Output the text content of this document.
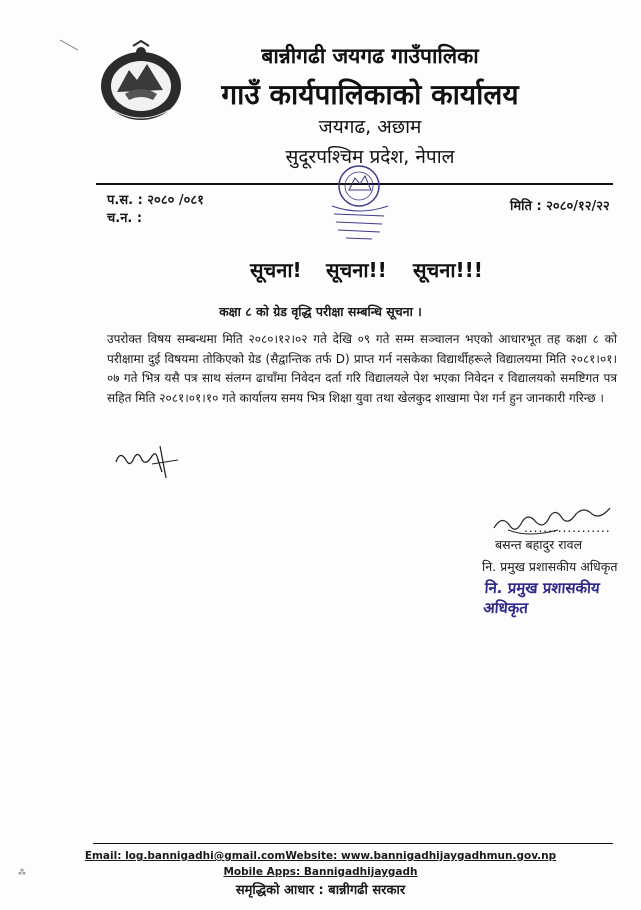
बान्नीगढी जयगढ गाउँपालिका
गाउँ कार्यपालिकाको कार्यालय
जयगढ, अछाम
सुदूरपश्चिम प्रदेश, नेपाल
प.स. : २०८० /०८१
च.न. :
मिति : २०८०/१२/२२
सूचना! सूचना!! सूचना!!!
कक्षा ८ को ग्रेड वृद्धि परीक्षा सम्बन्धि सूचना ।
उपरोक्त विषय सम्बन्धमा मिति २०८०।१२।०२ गते देखि ०९ गते सम्म सञ्चालन भएको आधारभूत तह कक्षा ८ को परीक्षामा दुई विषयमा तोकिएको ग्रेड (सैद्वान्तिक तर्फ D) प्राप्त गर्न नसकेका विद्यार्थीहरूले विद्यालयमा मिति २०८१।०१।०७ गते भित्र यसै पत्र साथ संलग्न ढाचाँमा निवेदन दर्ता गरि विद्यालयले पेश भएका निवेदन र विद्यालयको समष्टिगत पत्र सहित मिति २०८१।०१।१० गते कार्यालय समय भित्र शिक्षा युवा तथा खेलकुद शाखामा पेश गर्न हुन जानकारी गरिन्छ ।
..................
बसन्त बहादुर रावल
नि. प्रमुख प्रशासकीय अधिकृत
नि. प्रमुख प्रशासकीय अधिकृत
Email: log.bannigadhi@gmail.comWebsite: www.bannigadhijaygadhmun.gov.np
Mobile Apps: Bannigadhijaygadh
समृद्धिको आधार : बान्नीगढी सरकार
⁂
